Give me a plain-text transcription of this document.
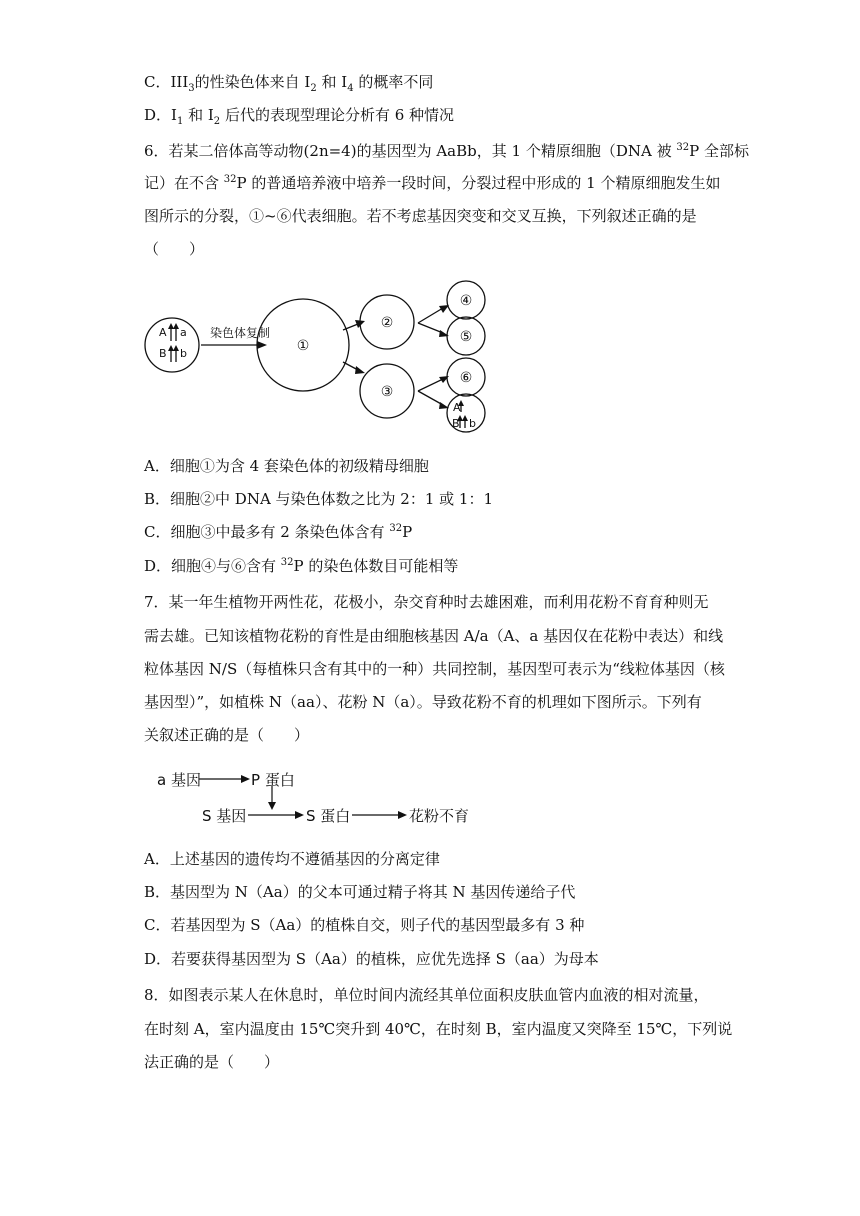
C．$III_3$的性染色体来自 $I_2$ 和 $I_4$ 的概率不同
D．$I_1$ 和 $I_2$ 后代的表现型理论分析有 6 种情况
6．若某二倍体高等动物(2n=4)的基因型为 AaBb，其 1 个精原细胞（DNA 被 $^{32}$P 全部标
记）在不含 $^{32}$P 的普通培养液中培养一段时间，分裂过程中形成的 1 个精原细胞发生如
图所示的分裂，①~⑥代表细胞。若不考虑基因突变和交叉互换，下列叙述正确的是
（　　）
A a
B b
A
B b
染色体复制
①
②
③
④
⑤
⑥
a 基因	P 蛋白
S 基因	S 蛋白	花粉不育
A．细胞①为含 4 套染色体的初级精母细胞
B．细胞②中 DNA 与染色体数之比为 2：1 或 1：1
C．细胞③中最多有 2 条染色体含有 $^{32}$P
D．细胞④与⑥含有 $^{32}$P 的染色体数目可能相等
7．某一年生植物开两性花，花极小，杂交育种时去雄困难，而利用花粉不育育种则无
需去雄。已知该植物花粉的育性是由细胞核基因 A/a（A、a 基因仅在花粉中表达）和线
粒体基因 N/S（每植株只含有其中的一种）共同控制，基因型可表示为“线粒体基因（核
基因型）”，如植株 N（aa）、花粉 N（a）。导致花粉不育的机理如下图所示。下列有
关叙述正确的是（　　）
A．上述基因的遗传均不遵循基因的分离定律
B．基因型为 N（Aa）的父本可通过精子将其 N 基因传递给子代
C．若基因型为 S（Aa）的植株自交，则子代的基因型最多有 3 种
D．若要获得基因型为 S（Aa）的植株，应优先选择 S（aa）为母本
8．如图表示某人在休息时，单位时间内流经其单位面积皮肤血管内血液的相对流量，
在时刻 A，室内温度由 15℃突升到 40℃，在时刻 B，室内温度又突降至 15℃，下列说
法正确的是（　　）
